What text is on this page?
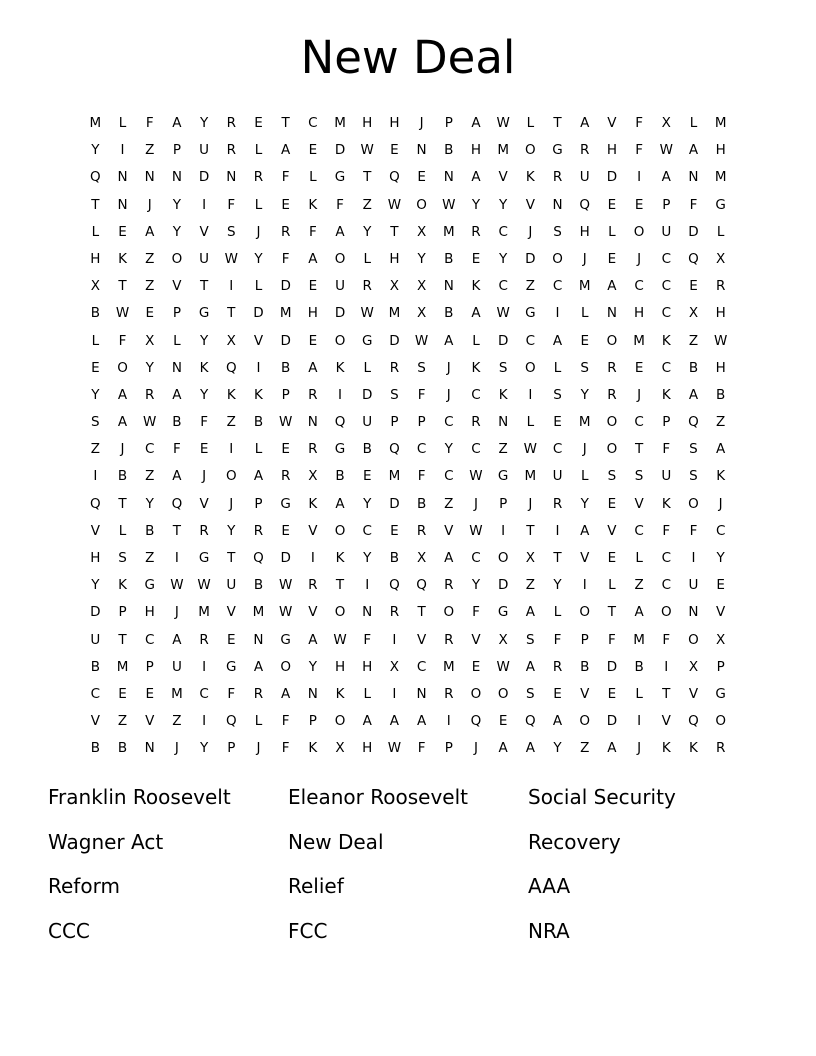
New Deal
M	L	F	A	Y	R	E	T	C	M	H	H	J	P	A	W	L	T	A	V	F	X	L	M
Y	I	Z	P	U	R	L	A	E	D	W	E	N	B	H	M	O	G	R	H	F	W	A	H
Q	N	N	N	D	N	R	F	L	G	T	Q	E	N	A	V	K	R	U	D	I	A	N	M
T	N	J	Y	I	F	L	E	K	F	Z	W	O	W	Y	Y	V	N	Q	E	E	P	F	G
L	E	A	Y	V	S	J	R	F	A	Y	T	X	M	R	C	J	S	H	L	O	U	D	L
H	K	Z	O	U	W	Y	F	A	O	L	H	Y	B	E	Y	D	O	J	E	J	C	Q	X
X	T	Z	V	T	I	L	D	E	U	R	X	X	N	K	C	Z	C	M	A	C	C	E	R
B	W	E	P	G	T	D	M	H	D	W	M	X	B	A	W	G	I	L	N	H	C	X	H
L	F	X	L	Y	X	V	D	E	O	G	D	W	A	L	D	C	A	E	O	M	K	Z	W
E	O	Y	N	K	Q	I	B	A	K	L	R	S	J	K	S	O	L	S	R	E	C	B	H
Y	A	R	A	Y	K	K	P	R	I	D	S	F	J	C	K	I	S	Y	R	J	K	A	B
S	A	W	B	F	Z	B	W	N	Q	U	P	P	C	R	N	L	E	M	O	C	P	Q	Z
Z	J	C	F	E	I	L	E	R	G	B	Q	C	Y	C	Z	W	C	J	O	T	F	S	A
I	B	Z	A	J	O	A	R	X	B	E	M	F	C	W	G	M	U	L	S	S	U	S	K
Q	T	Y	Q	V	J	P	G	K	A	Y	D	B	Z	J	P	J	R	Y	E	V	K	O	J
V	L	B	T	R	Y	R	E	V	O	C	E	R	V	W	I	T	I	A	V	C	F	F	C
H	S	Z	I	G	T	Q	D	I	K	Y	B	X	A	C	O	X	T	V	E	L	C	I	Y
Y	K	G	W	W	U	B	W	R	T	I	Q	Q	R	Y	D	Z	Y	I	L	Z	C	U	E
D	P	H	J	M	V	M	W	V	O	N	R	T	O	F	G	A	L	O	T	A	O	N	V
U	T	C	A	R	E	N	G	A	W	F	I	V	R	V	X	S	F	P	F	M	F	O	X
B	M	P	U	I	G	A	O	Y	H	H	X	C	M	E	W	A	R	B	D	B	I	X	P
C	E	E	M	C	F	R	A	N	K	L	I	N	R	O	O	S	E	V	E	L	T	V	G
V	Z	V	Z	I	Q	L	F	P	O	A	A	A	I	Q	E	Q	A	O	D	I	V	Q	O
B	B	N	J	Y	P	J	F	K	X	H	W	F	P	J	A	A	Y	Z	A	J	K	K	R
Franklin Roosevelt	Eleanor Roosevelt	Social Security
Wagner Act	New Deal	Recovery
Reform	Relief	AAA
CCC	FCC	NRA
